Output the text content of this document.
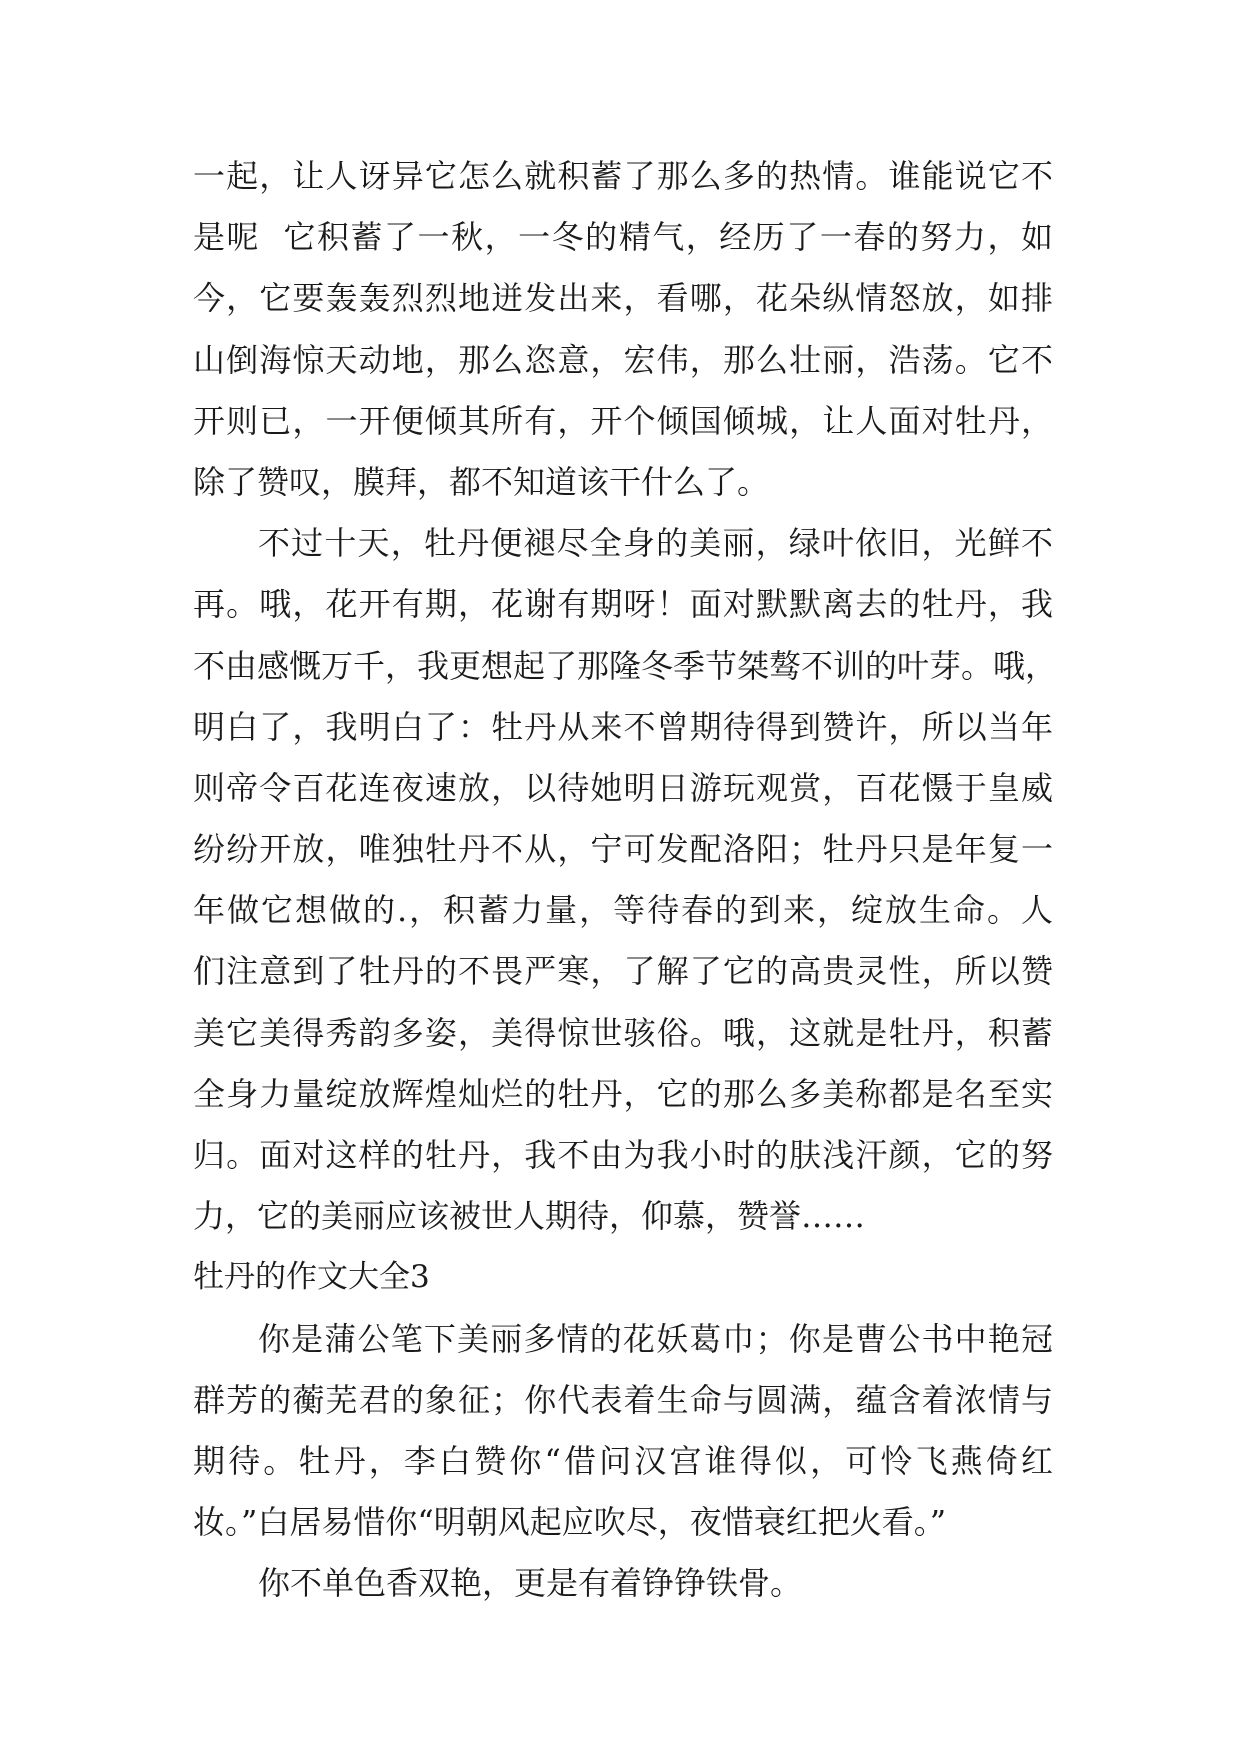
一起，让人讶异它怎么就积蓄了那么多的热情。谁能说它不
是呢  它积蓄了一秋，一冬的精气，经历了一春的努力，如
今，它要轰轰烈烈地迸发出来，看哪，花朵纵情怒放，如排
山倒海惊天动地，那么恣意，宏伟，那么壮丽，浩荡。它不
开则已，一开便倾其所有，开个倾国倾城，让人面对牡丹，
除了赞叹，膜拜，都不知道该干什么了。
不过十天，牡丹便褪尽全身的美丽，绿叶依旧，光鲜不
再。哦，花开有期，花谢有期呀！面对默默离去的牡丹，我
不由感慨万千，我更想起了那隆冬季节桀骜不训的叶芽。哦，
明白了，我明白了：牡丹从来不曾期待得到赞许，所以当年
则帝令百花连夜速放，以待她明日游玩观赏，百花慑于皇威
纷纷开放，唯独牡丹不从，宁可发配洛阳；牡丹只是年复一
年做它想做的.，积蓄力量，等待春的到来，绽放生命。人
们注意到了牡丹的不畏严寒，了解了它的高贵灵性，所以赞
美它美得秀韵多姿，美得惊世骇俗。哦，这就是牡丹，积蓄
全身力量绽放辉煌灿烂的牡丹，它的那么多美称都是名至实
归。面对这样的牡丹，我不由为我小时的肤浅汗颜，它的努
力，它的美丽应该被世人期待，仰慕，赞誉……
牡丹的作文大全3
你是蒲公笔下美丽多情的花妖葛巾；你是曹公书中艳冠
群芳的蘅芜君的象征；你代表着生命与圆满，蕴含着浓情与
期待。牡丹，李白赞你“借问汉宫谁得似，可怜飞燕倚红
妆。”白居易惜你“明朝风起应吹尽，夜惜衰红把火看。”
你不单色香双艳，更是有着铮铮铁骨。
